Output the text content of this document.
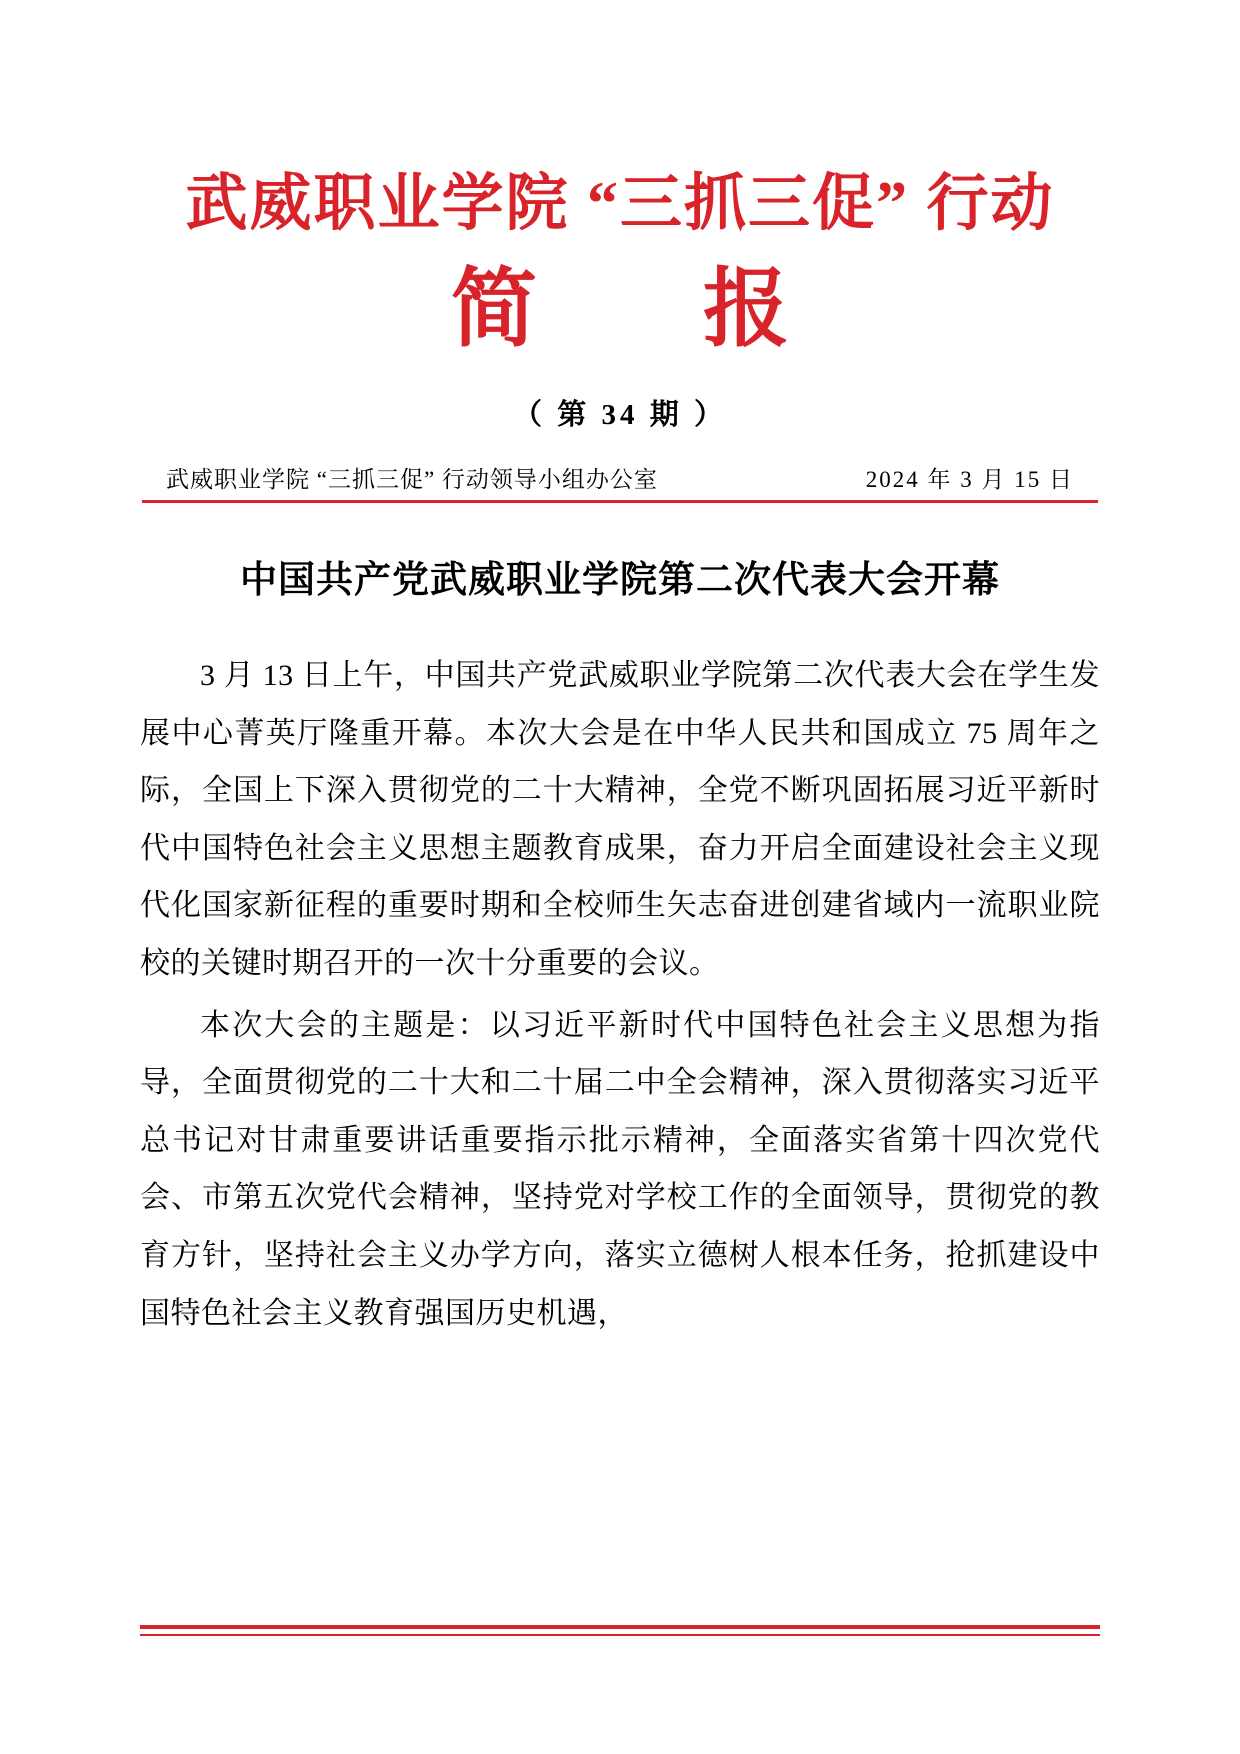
武威职业学院 “三抓三促” 行动
简　报
（ 第 34 期 ）
武威职业学院 “三抓三促” 行动领导小组办公室	2024 年 3 月 15 日
中国共产党武威职业学院第二次代表大会开幕

3 月 13 日上午，中国共产党武威职业学院第二次代表大会在学生发展中心菁英厅隆重开幕。本次大会是在中华人民共和国成立 75 周年之际，全国上下深入贯彻党的二十大精神，全党不断巩固拓展习近平新时代中国特色社会主义思想主题教育成果，奋力开启全面建设社会主义现代化国家新征程的重要时期和全校师生矢志奋进创建省域内一流职业院校的关键时期召开的一次十分重要的会议。

本次大会的主题是：以习近平新时代中国特色社会主义思想为指导，全面贯彻党的二十大和二十届二中全会精神，深入贯彻落实习近平总书记对甘肃重要讲话重要指示批示精神，全面落实省第十四次党代会、市第五次党代会精神，坚持党对学校工作的全面领导，贯彻党的教育方针，坚持社会主义办学方向，落实立德树人根本任务，抢抓建设中国特色社会主义教育强国历史机遇，
